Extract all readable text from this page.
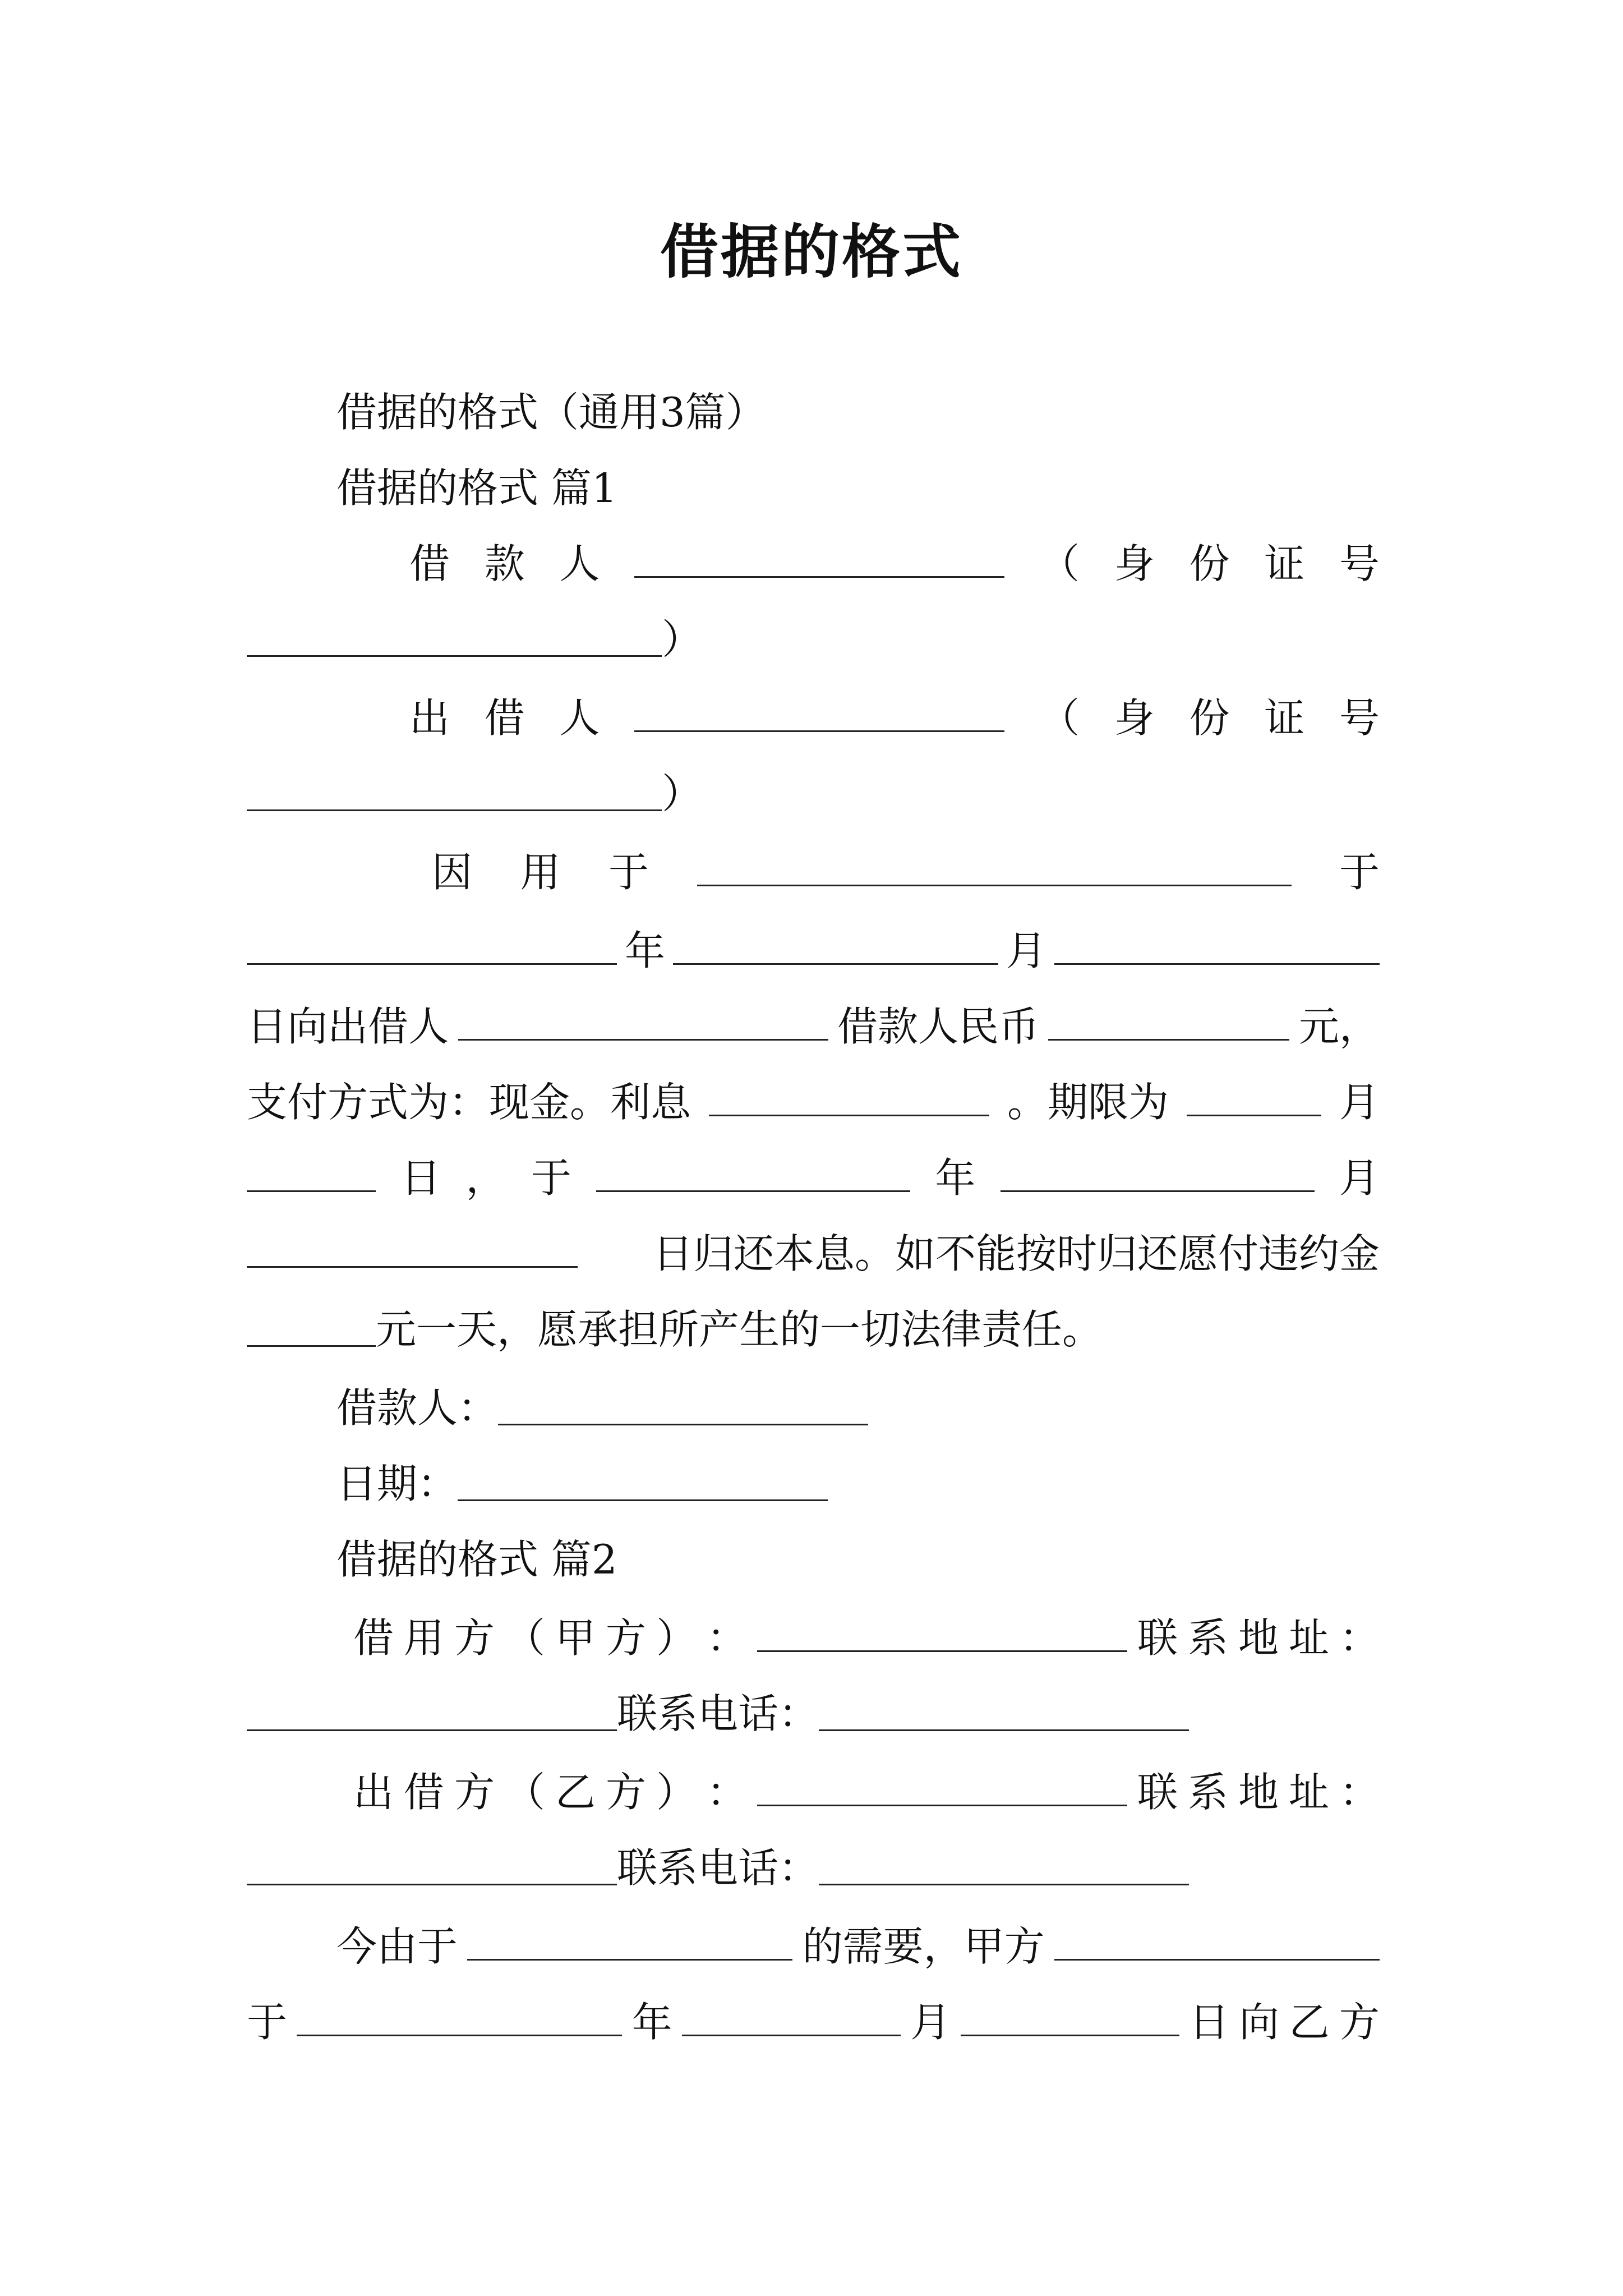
借据的格式
借据的格式（通用3篇）
借据的格式 篇1
借 款 人	（ 身 份 证 号
）
出 借 人	（ 身 份 证 号
）
因 用 于	于
年	月
日向出借人	借款人民币	元，
支付方式为：现金。利息	。期限为	月
日 ， 于	年	月
日归还本息。如不能按时归还愿付违约金
元一天，愿承担所产生的一切法律责任。
借款人：
日期：
借据的格式 篇2
借 用 方 （ 甲 方 ） ：	联 系 地 址 ：
联系电话：
出 借 方 （ 乙 方 ） ：	联 系 地 址 ：
联系电话：
今由于	的需要，甲方
于	年	月	日 向 乙 方
